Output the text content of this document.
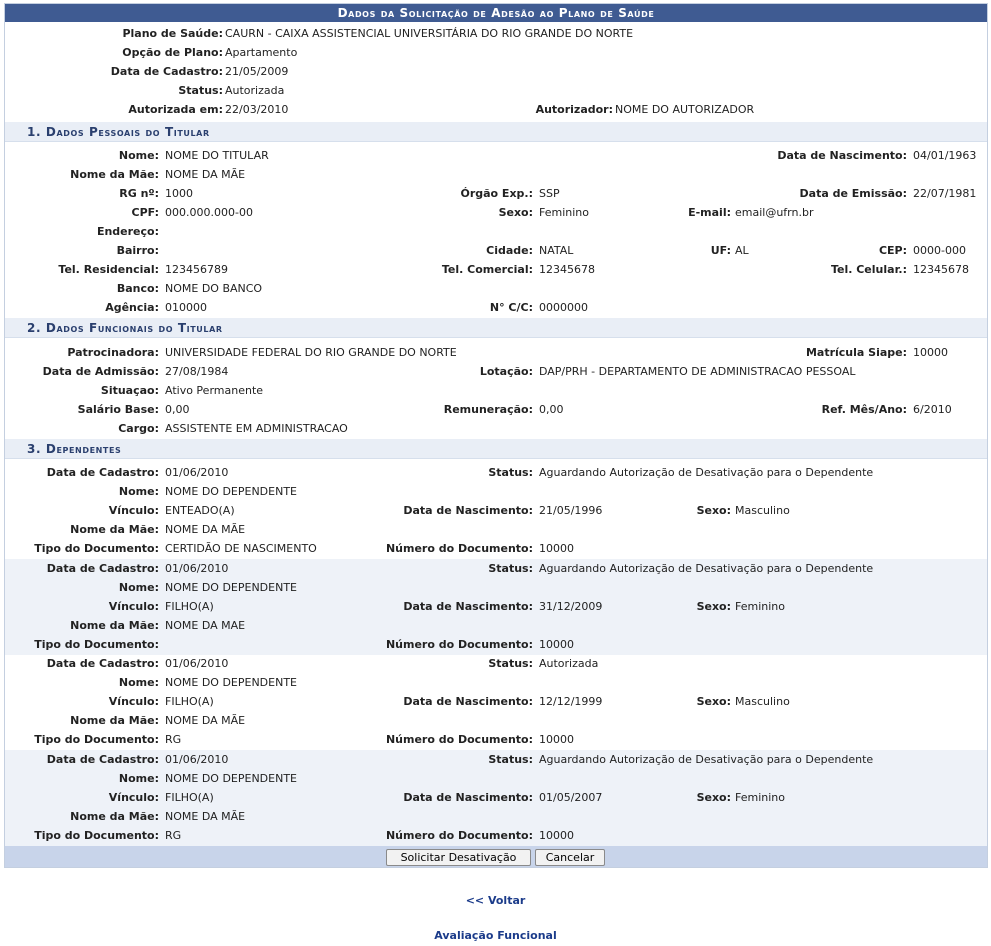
Dados da Solicitação de Adesão ao Plano de Saúde
Plano de Saúde: CAURN - CAIXA ASSISTENCIAL UNIVERSITÁRIA DO RIO GRANDE DO NORTE
Opção de Plano: Apartamento
Data de Cadastro: 21/05/2009
Status: Autorizada
Autorizada em: 22/03/2010	Autorizador: NOME DO AUTORIZADOR
1. Dados Pessoais do Titular
Nome: NOME DO TITULAR	Data de Nascimento: 04/01/1963
Nome da Mãe: NOME DA MÃE
RG nº: 1000	Órgão Exp.: SSP	Data de Emissão: 22/07/1981
CPF: 000.000.000-00	Sexo: Feminino	E-mail: email@ufrn.br
Endereço:
Bairro:	Cidade: NATAL	UF: AL	CEP: 0000-000
Tel. Residencial: 123456789	Tel. Comercial: 12345678	Tel. Celular.: 12345678
Banco: NOME DO BANCO
Agência: 010000	N° C/C: 0000000
2. Dados Funcionais do Titular
Patrocinadora: UNIVERSIDADE FEDERAL DO RIO GRANDE DO NORTE	Matrícula Siape: 10000
Data de Admissão: 27/08/1984	Lotação: DAP/PRH - DEPARTAMENTO DE ADMINISTRACAO PESSOAL
Situaçao: Ativo Permanente
Salário Base: 0,00	Remuneração: 0,00	Ref. Mês/Ano: 6/2010
Cargo: ASSISTENTE EM ADMINISTRACAO
3. Dependentes
Data de Cadastro: 01/06/2010	Status: Aguardando Autorização de Desativação para o Dependente
Nome: NOME DO DEPENDENTE
Vínculo: ENTEADO(A)	Data de Nascimento: 21/05/1996	Sexo: Masculino
Nome da Mãe: NOME DA MÃE
Tipo do Documento: CERTIDÃO DE NASCIMENTO	Número do Documento: 10000
Data de Cadastro: 01/06/2010	Status: Aguardando Autorização de Desativação para o Dependente
Nome: NOME DO DEPENDENTE
Vínculo: FILHO(A)	Data de Nascimento: 31/12/2009	Sexo: Feminino
Nome da Mãe: NOME DA MAE
Tipo do Documento:	Número do Documento: 10000
Data de Cadastro: 01/06/2010	Status: Autorizada
Nome: NOME DO DEPENDENTE
Vínculo: FILHO(A)	Data de Nascimento: 12/12/1999	Sexo: Masculino
Nome da Mãe: NOME DA MÃE
Tipo do Documento: RG	Número do Documento: 10000
Data de Cadastro: 01/06/2010	Status: Aguardando Autorização de Desativação para o Dependente
Nome: NOME DO DEPENDENTE
Vínculo: FILHO(A)	Data de Nascimento: 01/05/2007	Sexo: Feminino
Nome da Mãe: NOME DA MÃE
Tipo do Documento: RG	Número do Documento: 10000
Solicitar Desativação	Cancelar
<< Voltar
Avaliação Funcional
